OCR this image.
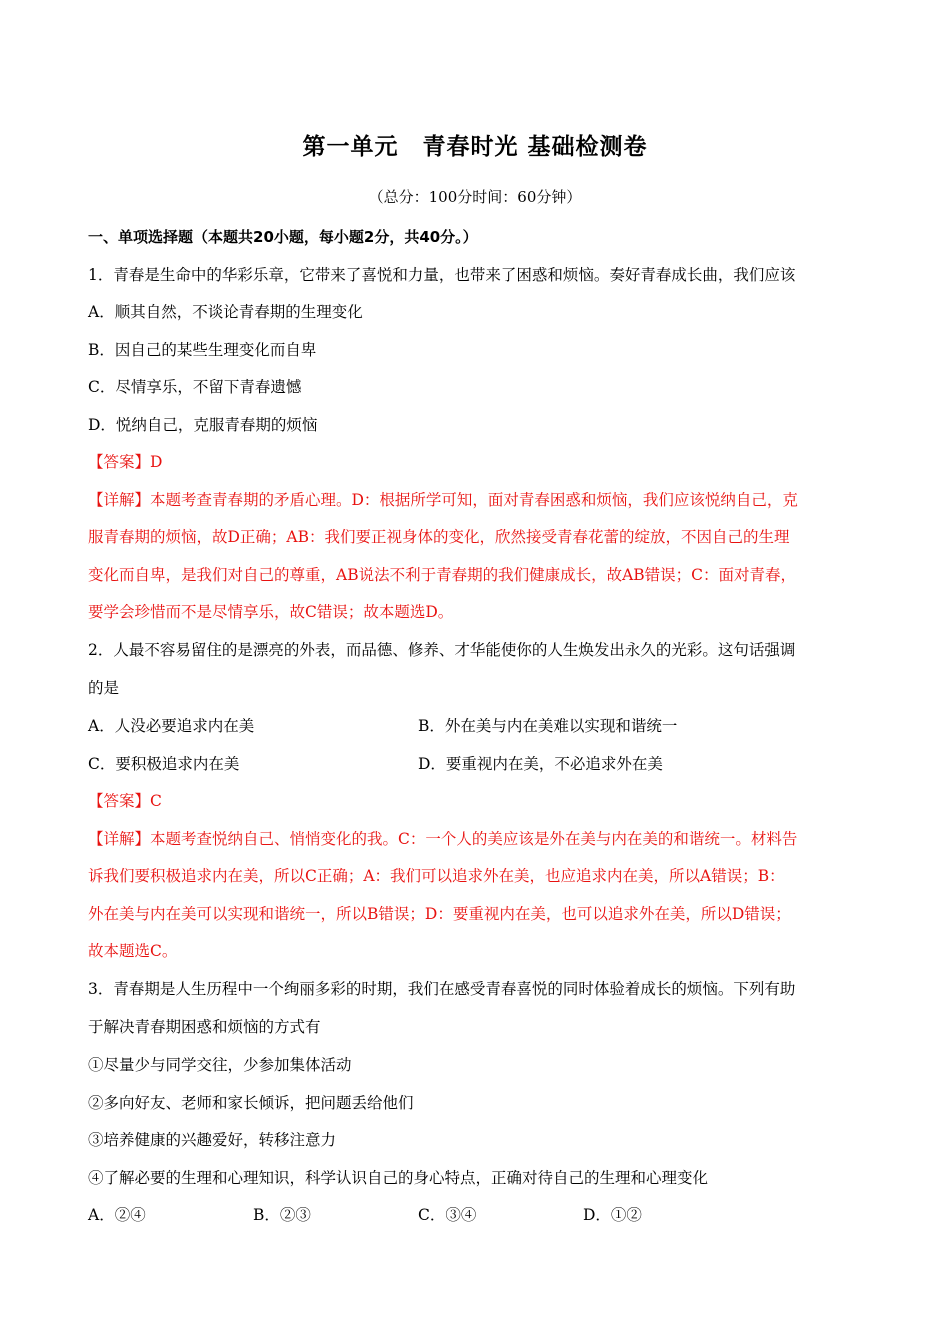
第一单元　青春时光 基础检测卷
（总分：100分时间：60分钟）
一、单项选择题（本题共20小题，每小题2分，共40分。）
1．青春是生命中的华彩乐章，它带来了喜悦和力量，也带来了困惑和烦恼。奏好青春成长曲，我们应该
A．顺其自然，不谈论青春期的生理变化
B．因自己的某些生理变化而自卑
C．尽情享乐，不留下青春遗憾
D．悦纳自己，克服青春期的烦恼
【答案】D
【详解】本题考查青春期的矛盾心理。D：根据所学可知，面对青春困惑和烦恼，我们应该悦纳自己，克
服青春期的烦恼，故D正确；AB：我们要正视身体的变化，欣然接受青春花蕾的绽放，不因自己的生理
变化而自卑，是我们对自己的尊重，AB说法不利于青春期的我们健康成长，故AB错误；C：面对青春，
要学会珍惜而不是尽情享乐，故C错误；故本题选D。
2．人最不容易留住的是漂亮的外表，而品德、修养、才华能使你的人生焕发出永久的光彩。这句话强调
的是
A．人没必要追求内在美	B．外在美与内在美难以实现和谐统一
C．要积极追求内在美	D．要重视内在美，不必追求外在美
【答案】C
【详解】本题考查悦纳自己、悄悄变化的我。C：一个人的美应该是外在美与内在美的和谐统一。材料告
诉我们要积极追求内在美，所以C正确；A：我们可以追求外在美，也应追求内在美，所以A错误；B：
外在美与内在美可以实现和谐统一，所以B错误；D：要重视内在美，也可以追求外在美，所以D错误；
故本题选C。
3．青春期是人生历程中一个绚丽多彩的时期，我们在感受青春喜悦的同时体验着成长的烦恼。下列有助
于解决青春期困惑和烦恼的方式有
①尽量少与同学交往，少参加集体活动
②多向好友、老师和家长倾诉，把问题丢给他们
③培养健康的兴趣爱好，转移注意力
④了解必要的生理和心理知识，科学认识自己的身心特点，正确对待自己的生理和心理变化
A．②④	B．②③	C．③④	D．①②
